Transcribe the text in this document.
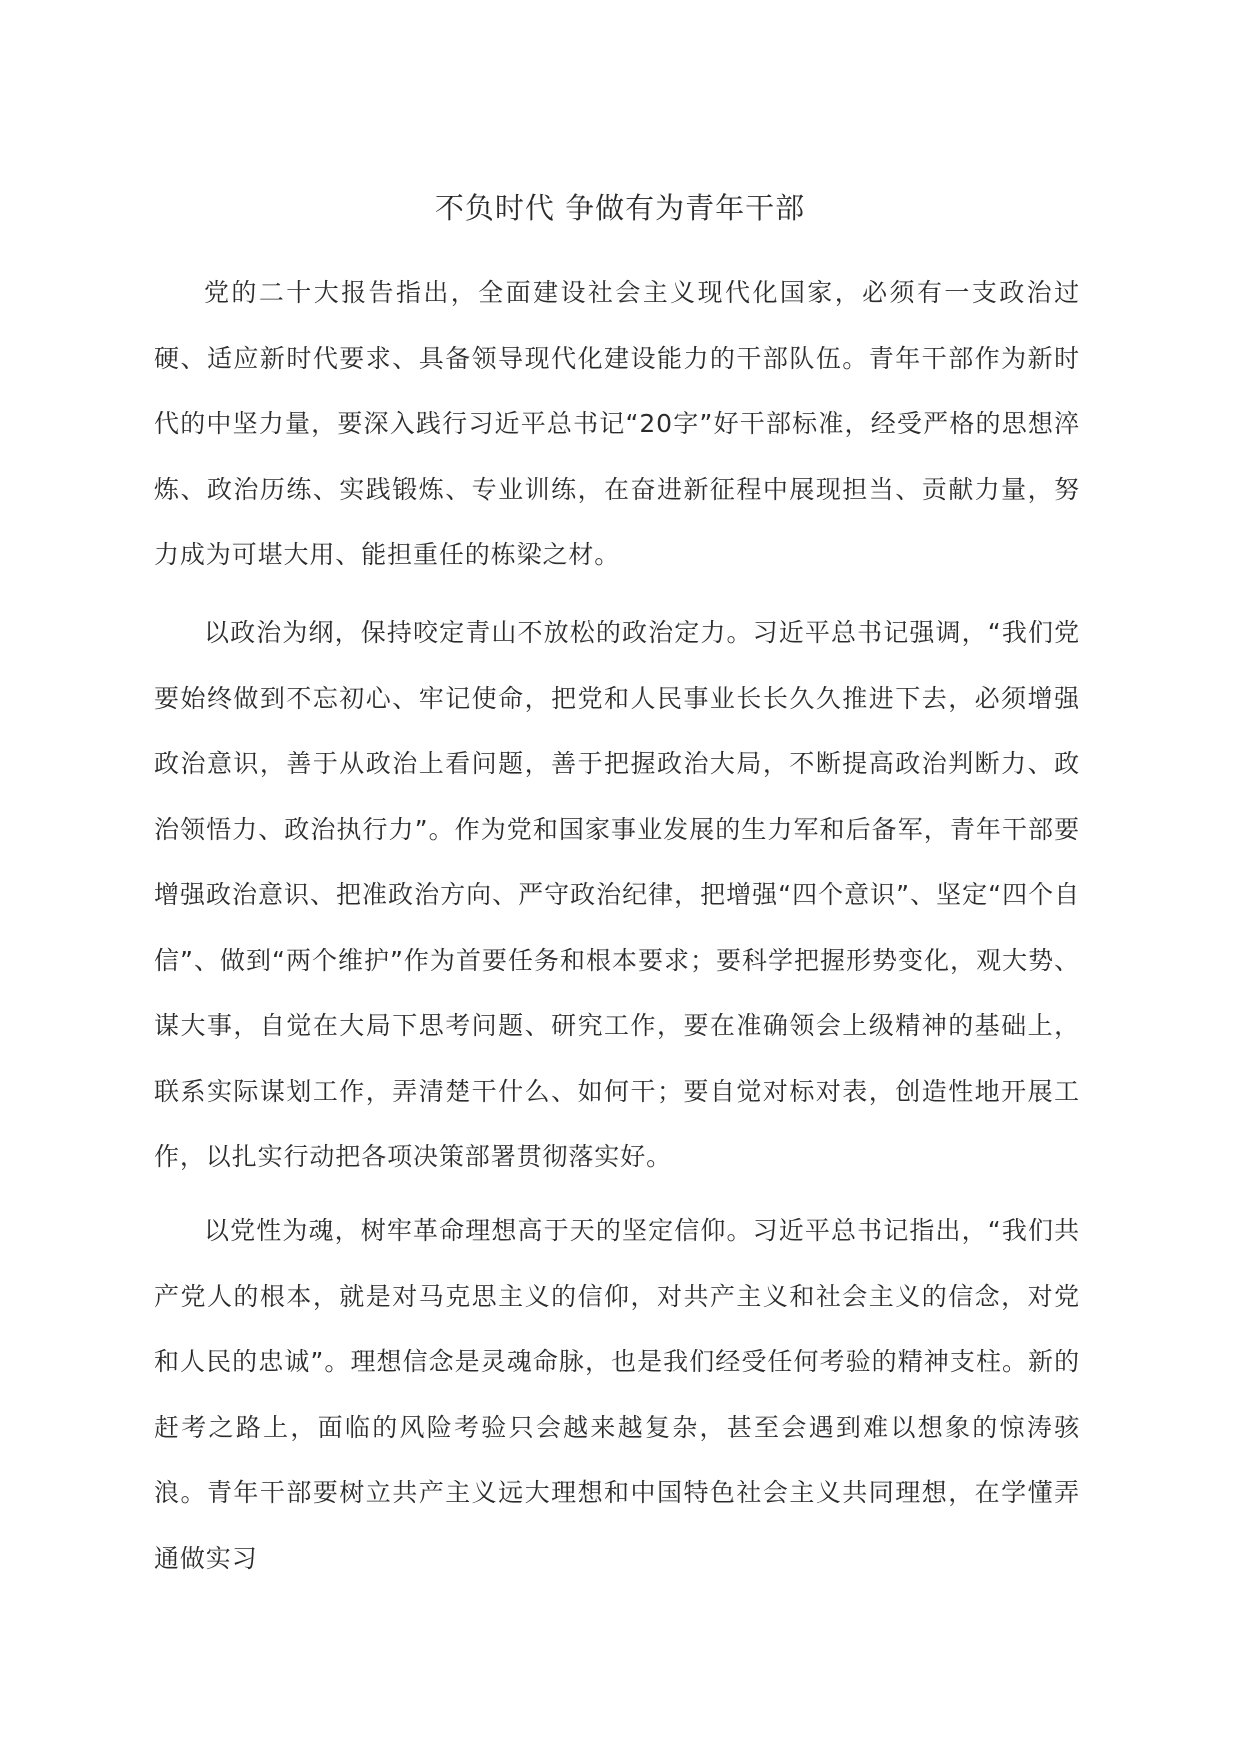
不负时代 争做有为青年干部

党的二十大报告指出，全面建设社会主义现代化国家，必须有一支政治过硬、适应新时代要求、具备领导现代化建设能力的干部队伍。青年干部作为新时代的中坚力量，要深入践行习近平总书记“20字”好干部标准，经受严格的思想淬炼、政治历练、实践锻炼、专业训练，在奋进新征程中展现担当、贡献力量，努力成为可堪大用、能担重任的栋梁之材。

以政治为纲，保持咬定青山不放松的政治定力。习近平总书记强调，“我们党要始终做到不忘初心、牢记使命，把党和人民事业长长久久推进下去，必须增强政治意识，善于从政治上看问题，善于把握政治大局，不断提高政治判断力、政治领悟力、政治执行力”。作为党和国家事业发展的生力军和后备军，青年干部要增强政治意识、把准政治方向、严守政治纪律，把增强“四个意识”、坚定“四个自信”、做到“两个维护”作为首要任务和根本要求；要科学把握形势变化，观大势、谋大事，自觉在大局下思考问题、研究工作，要在准确领会上级精神的基础上，联系实际谋划工作，弄清楚干什么、如何干；要自觉对标对表，创造性地开展工作，以扎实行动把各项决策部署贯彻落实好。

以党性为魂，树牢革命理想高于天的坚定信仰。习近平总书记指出，“我们共产党人的根本，就是对马克思主义的信仰，对共产主义和社会主义的信念，对党和人民的忠诚”。理想信念是灵魂命脉，也是我们经受任何考验的精神支柱。新的赶考之路上，面临的风险考验只会越来越复杂，甚至会遇到难以想象的惊涛骇浪。青年干部要树立共产主义远大理想和中国特色社会主义共同理想，在学懂弄通做实习
